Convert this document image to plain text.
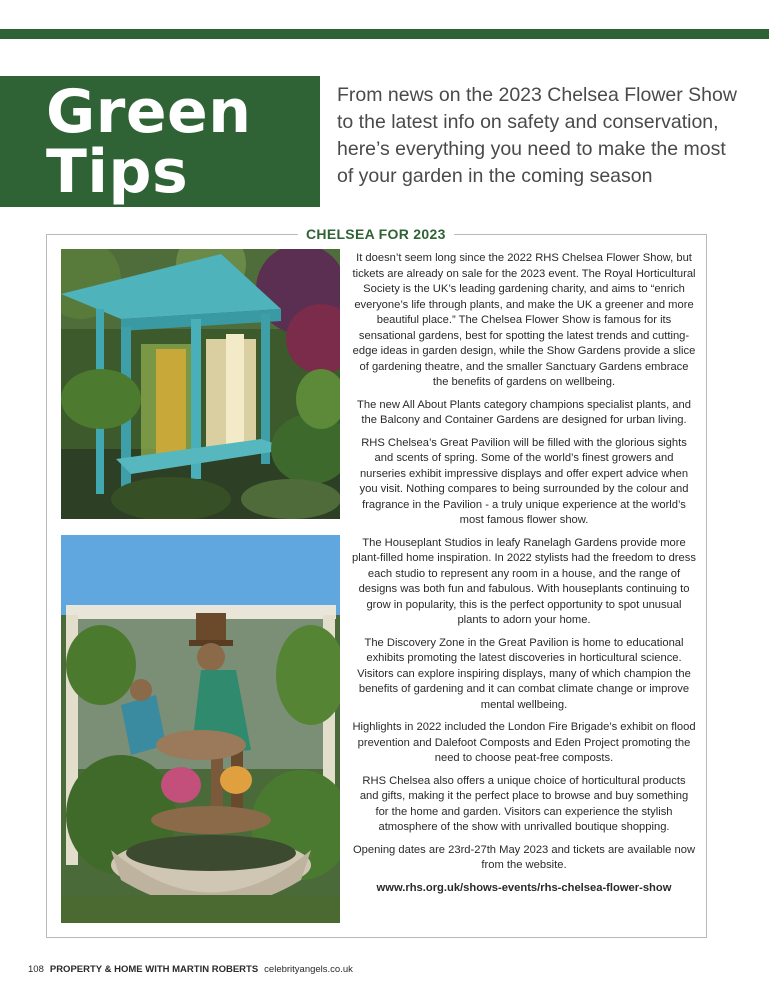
Green
Tips
From news on the 2023 Chelsea Flower Show to the latest info on safety and conservation, here’s everything you need to make the most of your garden in the coming season
CHELSEA FOR 2023

It doesn’t seem long since the 2022 RHS Chelsea Flower Show, but tickets are already on sale for the 2023 event. The Royal Horticultural Society is the UK’s leading gardening charity, and aims to “enrich everyone’s life through plants, and make the UK a greener and more beautiful place.” The Chelsea Flower Show is famous for its sensational gardens, best for spotting the latest trends and cutting-edge ideas in garden design, while the Show Gardens provide a slice of gardening theatre, and the smaller Sanctuary Gardens embrace the benefits of gardens on wellbeing.

The new All About Plants category champions specialist plants, and the Balcony and Container Gardens are designed for urban living.

RHS Chelsea’s Great Pavilion will be filled with the glorious sights and scents of spring. Some of the world’s finest growers and nurseries exhibit impressive displays and offer expert advice when you visit. Nothing compares to being surrounded by the colour and fragrance in the Pavilion - a truly unique experience at the world’s most famous flower show.

The Houseplant Studios in leafy Ranelagh Gardens provide more plant-filled home inspiration. In 2022 stylists had the freedom to dress each studio to represent any room in a house, and the range of designs was both fun and fabulous. With houseplants continuing to grow in popularity, this is the perfect opportunity to spot unusual plants to adorn your home.

The Discovery Zone in the Great Pavilion is home to educational exhibits promoting the latest discoveries in horticultural science. Visitors can explore inspiring displays, many of which champion the benefits of gardening and it can combat climate change or improve mental wellbeing.

Highlights in 2022 included the London Fire Brigade’s exhibit on flood prevention and Dalefoot Composts and Eden Project promoting the need to choose peat-free composts.

RHS Chelsea also offers a unique choice of horticultural products and gifts, making it the perfect place to browse and buy something for the home and garden. Visitors can experience the stylish atmosphere of the show with unrivalled boutique shopping.

Opening dates are 23rd-27th May 2023 and tickets are available now from the website.

www.rhs.org.uk/shows-events/rhs-chelsea-flower-show

108 PROPERTY & HOME WITH MARTIN ROBERTS celebrityangels.co.uk
